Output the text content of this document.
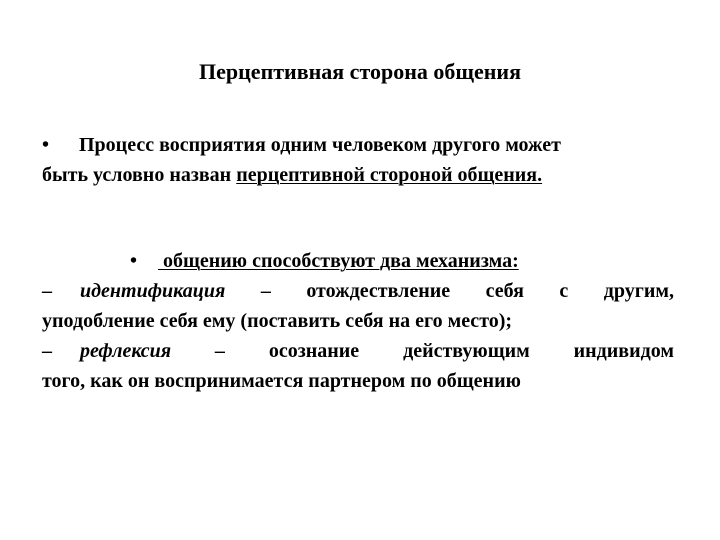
Перцептивная сторона общения
• Процесс восприятия одним человеком другого может
быть условно назван перцептивной стороной общения.
• общению способствуют два механизма:
– идентификация – отождествление себя с другим,
уподобление себя ему (поставить себя на его место);
– рефлексия – осознание действующим индивидом
того, как он воспринимается партнером по общению
